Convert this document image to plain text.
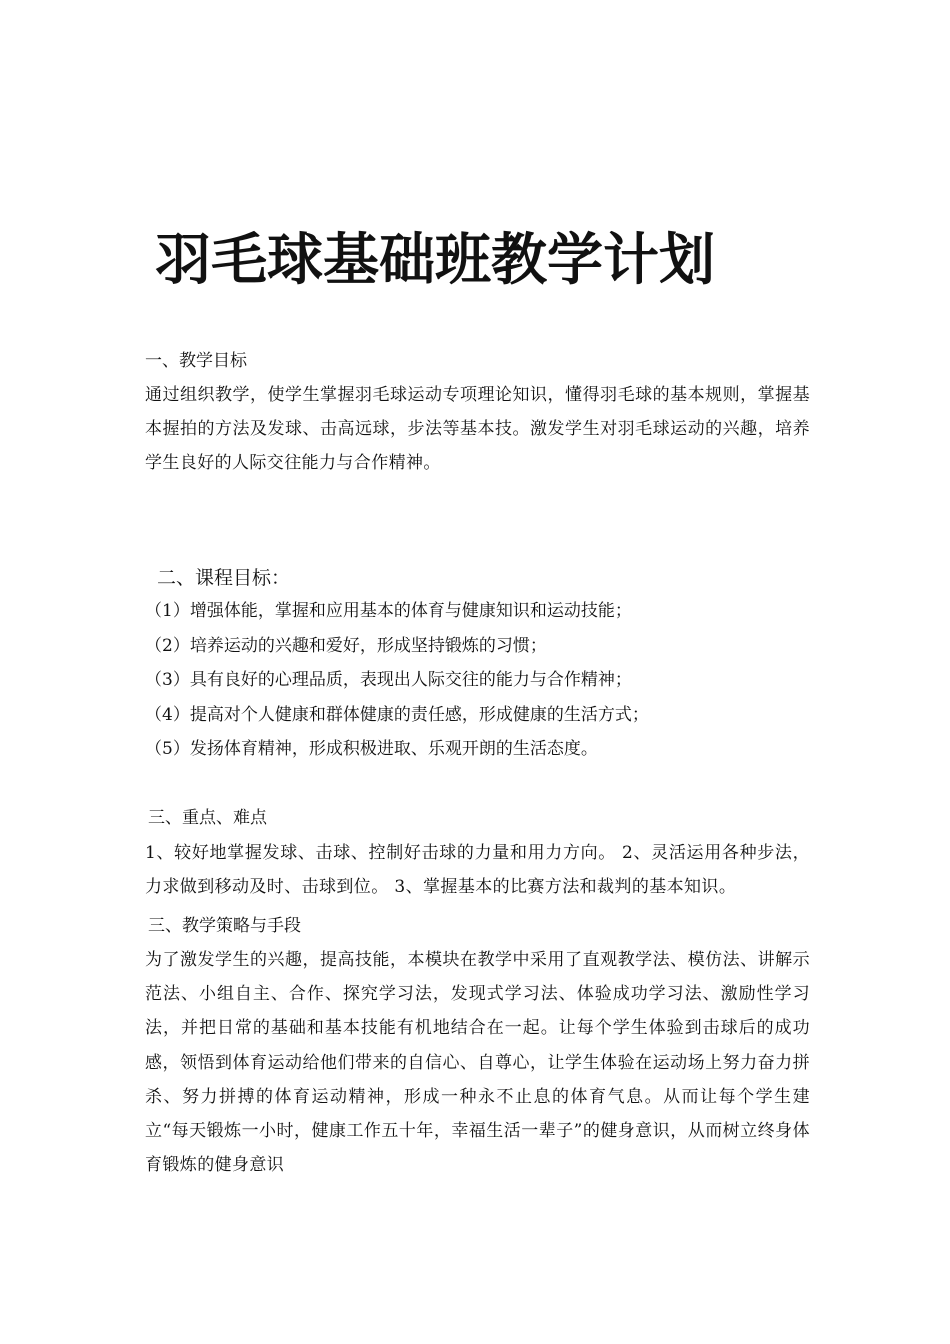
羽毛球基础班教学计划
一、教学目标
通过组织教学，使学生掌握羽毛球运动专项理论知识，懂得羽毛球的基本规则，掌握基本握拍的方法及发球、击高远球，步法等基本技。激发学生对羽毛球运动的兴趣，培养学生良好的人际交往能力与合作精神。
二、课程目标：
（1）增强体能，掌握和应用基本的体育与健康知识和运动技能；
（2）培养运动的兴趣和爱好，形成坚持锻炼的习惯；
（3）具有良好的心理品质，表现出人际交往的能力与合作精神；
（4）提高对个人健康和群体健康的责任感，形成健康的生活方式；
（5）发扬体育精神，形成积极进取、乐观开朗的生活态度。
三、重点、难点
1、较好地掌握发球、击球、控制好击球的力量和用力方向。 2、灵活运用各种步法，力求做到移动及时、击球到位。 3、掌握基本的比赛方法和裁判的基本知识。
三、教学策略与手段
为了激发学生的兴趣，提高技能，本模块在教学中采用了直观教学法、模仿法、讲解示范法、小组自主、合作、探究学习法，发现式学习法、体验成功学习法、激励性学习法，并把日常的基础和基本技能有机地结合在一起。让每个学生体验到击球后的成功感，领悟到体育运动给他们带来的自信心、自尊心，让学生体验在运动场上努力奋力拼杀、努力拼搏的体育运动精神，形成一种永不止息的体育气息。从而让每个学生建立“每天锻炼一小时，健康工作五十年，幸福生活一辈子”的健身意识，从而树立终身体育锻炼的健身意识
